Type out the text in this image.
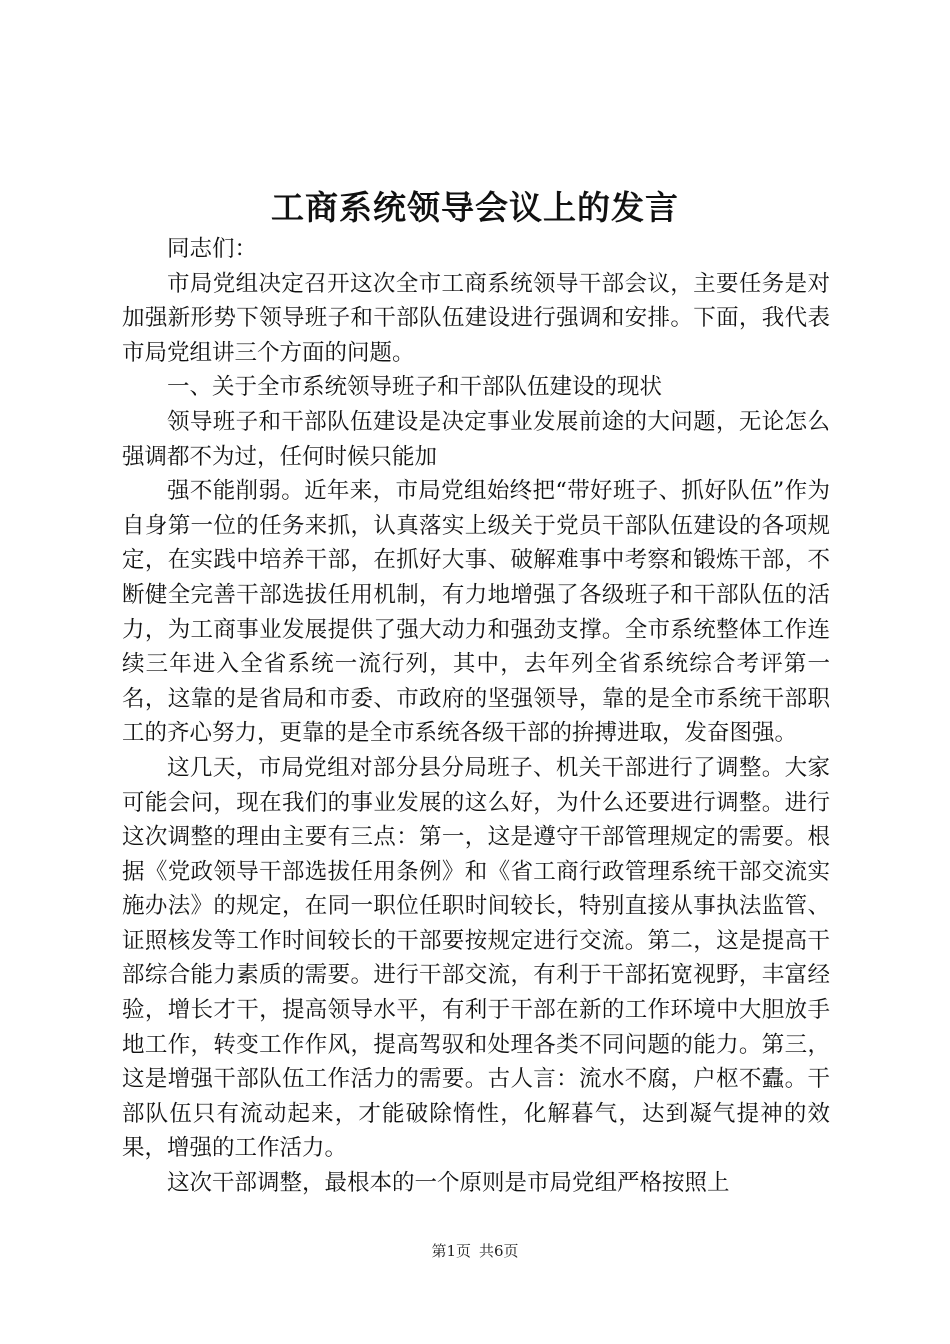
工商系统领导会议上的发言

同志们：

市局党组决定召开这次全市工商系统领导干部会议，主要任务是对加强新形势下领导班子和干部队伍建设进行强调和安排。下面，我代表市局党组讲三个方面的问题。

一、关于全市系统领导班子和干部队伍建设的现状

领导班子和干部队伍建设是决定事业发展前途的大问题，无论怎么强调都不为过，任何时候只能加

强不能削弱。近年来，市局党组始终把“带好班子、抓好队伍”作为自身第一位的任务来抓，认真落实上级关于党员干部队伍建设的各项规定，在实践中培养干部，在抓好大事、破解难事中考察和锻炼干部，不断健全完善干部选拔任用机制，有力地增强了各级班子和干部队伍的活力，为工商事业发展提供了强大动力和强劲支撑。全市系统整体工作连续三年进入全省系统一流行列，其中，去年列全省系统综合考评第一名，这靠的是省局和市委、市政府的坚强领导，靠的是全市系统干部职工的齐心努力，更靠的是全市系统各级干部的拚搏进取，发奋图强。

这几天，市局党组对部分县分局班子、机关干部进行了调整。大家可能会问，现在我们的事业发展的这么好，为什么还要进行调整。进行这次调整的理由主要有三点：第一，这是遵守干部管理规定的需要。根据《党政领导干部选拔任用条例》和《省工商行政管理系统干部交流实施办法》的规定，在同一职位任职时间较长，特别直接从事执法监管、证照核发等工作时间较长的干部要按规定进行交流。第二，这是提高干部综合能力素质的需要。进行干部交流，有利于干部拓宽视野，丰富经验，增长才干，提高领导水平，有利于干部在新的工作环境中大胆放手地工作，转变工作作风，提高驾驭和处理各类不同问题的能力。第三，这是增强干部队伍工作活力的需要。古人言：流水不腐，户枢不蠹。干部队伍只有流动起来，才能破除惰性，化解暮气，达到凝气提神的效果，增强的工作活力。

这次干部调整，最根本的一个原则是市局党组严格按照上

第1页 共6页
